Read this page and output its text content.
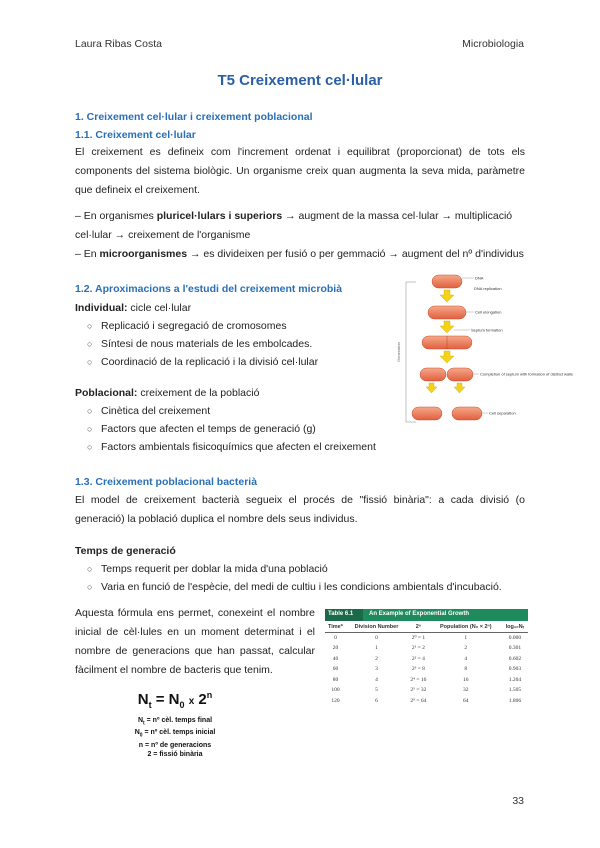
Laura Ribas Costa	Microbiologia
T5 Creixement cel·lular
1. Creixement cel·lular i creixement poblacional
1.1. Creixement cel·lular
El creixement es defineix com l'increment ordenat i equilibrat (proporcionat) de tots els components del sistema biològic. Un organisme creix quan augmenta la seva mida, paràmetre que defineix el creixement.
– En organismes pluricel·lulars i superiors → augment de la massa cel·lular → multiplicació
cel·lular → creixement de l'organisme
– En microorganismes → es divideixen per fusió o per gemmació → augment del nº d'individus
1.2. Aproximacions a l'estudi del creixement microbià
Individual: cicle cel·lular
○ Replicació i segregació de cromosomes
○ Síntesi de nous materials de les embolcades.
○ Coordinació de la replicació i la divisió cel·lular
Poblacional: creixement de la població
○ Cinètica del creixement
○ Factors que afecten el temps de generació (g)
○ Factors ambientals fisicoquímics que afecten el creixement
Generation
DNA
DNA replication
Cell elongation
Septum formation
Completion of septum with formation of distinct walls
Cell separation
1.3. Creixement poblacional bacterià
El model de creixement bacterià segueix el procés de "fissió binària": a cada divisió (o generació) la població duplica el nombre dels seus individus.
Temps de generació
○ Temps requerit per doblar la mida d'una població
○ Varia en funció de l'espècie, del medi de cultiu i les condicions ambientals d'incubació.
Aquesta fórmula ens permet, conexeint el nombre inicial de cèl·lules en un moment determinat i el nombre de generacions que han passat, calcular fàcilment el nombre de bacteris que tenim.
$N_t = N_0$ x 2$^n$
$N_t$ = nº cèl. temps final
$N_0$ = nº cèl. temps inicial
n = nº de generacions
2 = fissió binària
Table 6.1	An Example of Exponential Growth
Time*	Division Number	2ⁿ	Population (N₀ × 2ⁿ)	log₁₀Nₜ
0	0	2⁰ = 1	1	0.000
20	1	2¹ = 2	2	0.301
40	2	2² = 4	4	0.602
60	3	2³ = 8	8	0.903
80	4	2⁴ = 16	16	1.204
100	5	2⁵ = 32	32	1.505
120	6	2⁶ = 64	64	1.806
33
